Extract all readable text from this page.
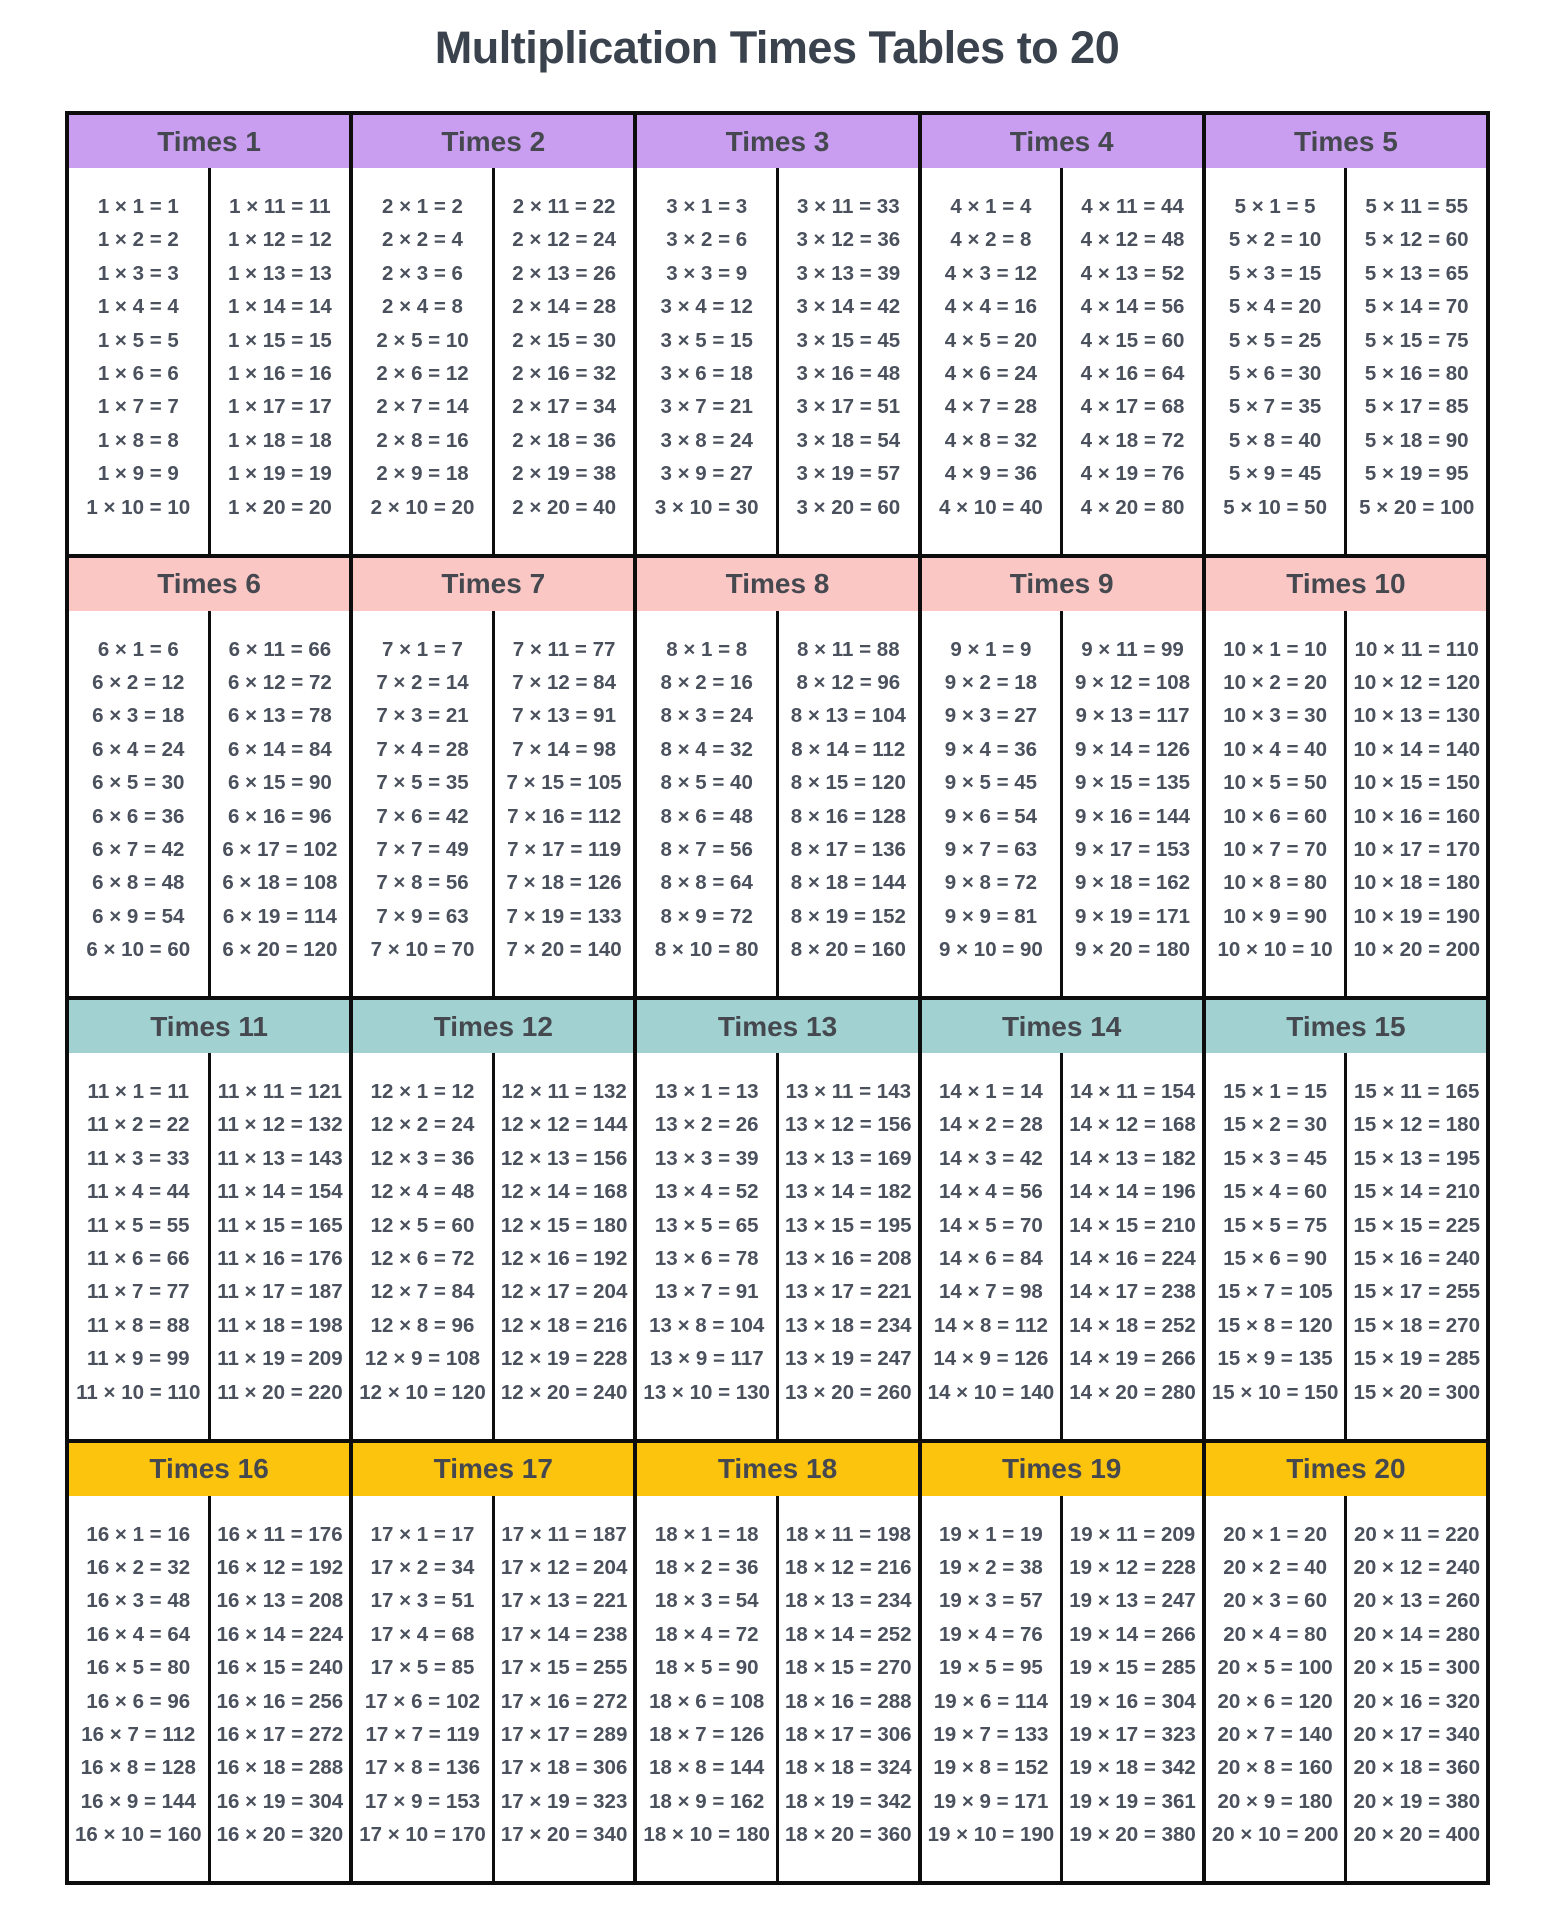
Multiplication Times Tables to 20
Times 1
1 × 1 = 1
1 × 2 = 2
1 × 3 = 3
1 × 4 = 4
1 × 5 = 5
1 × 6 = 6
1 × 7 = 7
1 × 8 = 8
1 × 9 = 9
1 × 10 = 10
1 × 11 = 11
1 × 12 = 12
1 × 13 = 13
1 × 14 = 14
1 × 15 = 15
1 × 16 = 16
1 × 17 = 17
1 × 18 = 18
1 × 19 = 19
1 × 20 = 20
Times 2
2 × 1 = 2
2 × 2 = 4
2 × 3 = 6
2 × 4 = 8
2 × 5 = 10
2 × 6 = 12
2 × 7 = 14
2 × 8 = 16
2 × 9 = 18
2 × 10 = 20
2 × 11 = 22
2 × 12 = 24
2 × 13 = 26
2 × 14 = 28
2 × 15 = 30
2 × 16 = 32
2 × 17 = 34
2 × 18 = 36
2 × 19 = 38
2 × 20 = 40
Times 3
3 × 1 = 3
3 × 2 = 6
3 × 3 = 9
3 × 4 = 12
3 × 5 = 15
3 × 6 = 18
3 × 7 = 21
3 × 8 = 24
3 × 9 = 27
3 × 10 = 30
3 × 11 = 33
3 × 12 = 36
3 × 13 = 39
3 × 14 = 42
3 × 15 = 45
3 × 16 = 48
3 × 17 = 51
3 × 18 = 54
3 × 19 = 57
3 × 20 = 60
Times 4
4 × 1 = 4
4 × 2 = 8
4 × 3 = 12
4 × 4 = 16
4 × 5 = 20
4 × 6 = 24
4 × 7 = 28
4 × 8 = 32
4 × 9 = 36
4 × 10 = 40
4 × 11 = 44
4 × 12 = 48
4 × 13 = 52
4 × 14 = 56
4 × 15 = 60
4 × 16 = 64
4 × 17 = 68
4 × 18 = 72
4 × 19 = 76
4 × 20 = 80
Times 5
5 × 1 = 5
5 × 2 = 10
5 × 3 = 15
5 × 4 = 20
5 × 5 = 25
5 × 6 = 30
5 × 7 = 35
5 × 8 = 40
5 × 9 = 45
5 × 10 = 50
5 × 11 = 55
5 × 12 = 60
5 × 13 = 65
5 × 14 = 70
5 × 15 = 75
5 × 16 = 80
5 × 17 = 85
5 × 18 = 90
5 × 19 = 95
5 × 20 = 100
Times 6
6 × 1 = 6
6 × 2 = 12
6 × 3 = 18
6 × 4 = 24
6 × 5 = 30
6 × 6 = 36
6 × 7 = 42
6 × 8 = 48
6 × 9 = 54
6 × 10 = 60
6 × 11 = 66
6 × 12 = 72
6 × 13 = 78
6 × 14 = 84
6 × 15 = 90
6 × 16 = 96
6 × 17 = 102
6 × 18 = 108
6 × 19 = 114
6 × 20 = 120
Times 7
7 × 1 = 7
7 × 2 = 14
7 × 3 = 21
7 × 4 = 28
7 × 5 = 35
7 × 6 = 42
7 × 7 = 49
7 × 8 = 56
7 × 9 = 63
7 × 10 = 70
7 × 11 = 77
7 × 12 = 84
7 × 13 = 91
7 × 14 = 98
7 × 15 = 105
7 × 16 = 112
7 × 17 = 119
7 × 18 = 126
7 × 19 = 133
7 × 20 = 140
Times 8
8 × 1 = 8
8 × 2 = 16
8 × 3 = 24
8 × 4 = 32
8 × 5 = 40
8 × 6 = 48
8 × 7 = 56
8 × 8 = 64
8 × 9 = 72
8 × 10 = 80
8 × 11 = 88
8 × 12 = 96
8 × 13 = 104
8 × 14 = 112
8 × 15 = 120
8 × 16 = 128
8 × 17 = 136
8 × 18 = 144
8 × 19 = 152
8 × 20 = 160
Times 9
9 × 1 = 9
9 × 2 = 18
9 × 3 = 27
9 × 4 = 36
9 × 5 = 45
9 × 6 = 54
9 × 7 = 63
9 × 8 = 72
9 × 9 = 81
9 × 10 = 90
9 × 11 = 99
9 × 12 = 108
9 × 13 = 117
9 × 14 = 126
9 × 15 = 135
9 × 16 = 144
9 × 17 = 153
9 × 18 = 162
9 × 19 = 171
9 × 20 = 180
Times 10
10 × 1 = 10
10 × 2 = 20
10 × 3 = 30
10 × 4 = 40
10 × 5 = 50
10 × 6 = 60
10 × 7 = 70
10 × 8 = 80
10 × 9 = 90
10 × 10 = 10
10 × 11 = 110
10 × 12 = 120
10 × 13 = 130
10 × 14 = 140
10 × 15 = 150
10 × 16 = 160
10 × 17 = 170
10 × 18 = 180
10 × 19 = 190
10 × 20 = 200
Times 11
11 × 1 = 11
11 × 2 = 22
11 × 3 = 33
11 × 4 = 44
11 × 5 = 55
11 × 6 = 66
11 × 7 = 77
11 × 8 = 88
11 × 9 = 99
11 × 10 = 110
11 × 11 = 121
11 × 12 = 132
11 × 13 = 143
11 × 14 = 154
11 × 15 = 165
11 × 16 = 176
11 × 17 = 187
11 × 18 = 198
11 × 19 = 209
11 × 20 = 220
Times 12
12 × 1 = 12
12 × 2 = 24
12 × 3 = 36
12 × 4 = 48
12 × 5 = 60
12 × 6 = 72
12 × 7 = 84
12 × 8 = 96
12 × 9 = 108
12 × 10 = 120
12 × 11 = 132
12 × 12 = 144
12 × 13 = 156
12 × 14 = 168
12 × 15 = 180
12 × 16 = 192
12 × 17 = 204
12 × 18 = 216
12 × 19 = 228
12 × 20 = 240
Times 13
13 × 1 = 13
13 × 2 = 26
13 × 3 = 39
13 × 4 = 52
13 × 5 = 65
13 × 6 = 78
13 × 7 = 91
13 × 8 = 104
13 × 9 = 117
13 × 10 = 130
13 × 11 = 143
13 × 12 = 156
13 × 13 = 169
13 × 14 = 182
13 × 15 = 195
13 × 16 = 208
13 × 17 = 221
13 × 18 = 234
13 × 19 = 247
13 × 20 = 260
Times 14
14 × 1 = 14
14 × 2 = 28
14 × 3 = 42
14 × 4 = 56
14 × 5 = 70
14 × 6 = 84
14 × 7 = 98
14 × 8 = 112
14 × 9 = 126
14 × 10 = 140
14 × 11 = 154
14 × 12 = 168
14 × 13 = 182
14 × 14 = 196
14 × 15 = 210
14 × 16 = 224
14 × 17 = 238
14 × 18 = 252
14 × 19 = 266
14 × 20 = 280
Times 15
15 × 1 = 15
15 × 2 = 30
15 × 3 = 45
15 × 4 = 60
15 × 5 = 75
15 × 6 = 90
15 × 7 = 105
15 × 8 = 120
15 × 9 = 135
15 × 10 = 150
15 × 11 = 165
15 × 12 = 180
15 × 13 = 195
15 × 14 = 210
15 × 15 = 225
15 × 16 = 240
15 × 17 = 255
15 × 18 = 270
15 × 19 = 285
15 × 20 = 300
Times 16
16 × 1 = 16
16 × 2 = 32
16 × 3 = 48
16 × 4 = 64
16 × 5 = 80
16 × 6 = 96
16 × 7 = 112
16 × 8 = 128
16 × 9 = 144
16 × 10 = 160
16 × 11 = 176
16 × 12 = 192
16 × 13 = 208
16 × 14 = 224
16 × 15 = 240
16 × 16 = 256
16 × 17 = 272
16 × 18 = 288
16 × 19 = 304
16 × 20 = 320
Times 17
17 × 1 = 17
17 × 2 = 34
17 × 3 = 51
17 × 4 = 68
17 × 5 = 85
17 × 6 = 102
17 × 7 = 119
17 × 8 = 136
17 × 9 = 153
17 × 10 = 170
17 × 11 = 187
17 × 12 = 204
17 × 13 = 221
17 × 14 = 238
17 × 15 = 255
17 × 16 = 272
17 × 17 = 289
17 × 18 = 306
17 × 19 = 323
17 × 20 = 340
Times 18
18 × 1 = 18
18 × 2 = 36
18 × 3 = 54
18 × 4 = 72
18 × 5 = 90
18 × 6 = 108
18 × 7 = 126
18 × 8 = 144
18 × 9 = 162
18 × 10 = 180
18 × 11 = 198
18 × 12 = 216
18 × 13 = 234
18 × 14 = 252
18 × 15 = 270
18 × 16 = 288
18 × 17 = 306
18 × 18 = 324
18 × 19 = 342
18 × 20 = 360
Times 19
19 × 1 = 19
19 × 2 = 38
19 × 3 = 57
19 × 4 = 76
19 × 5 = 95
19 × 6 = 114
19 × 7 = 133
19 × 8 = 152
19 × 9 = 171
19 × 10 = 190
19 × 11 = 209
19 × 12 = 228
19 × 13 = 247
19 × 14 = 266
19 × 15 = 285
19 × 16 = 304
19 × 17 = 323
19 × 18 = 342
19 × 19 = 361
19 × 20 = 380
Times 20
20 × 1 = 20
20 × 2 = 40
20 × 3 = 60
20 × 4 = 80
20 × 5 = 100
20 × 6 = 120
20 × 7 = 140
20 × 8 = 160
20 × 9 = 180
20 × 10 = 200
20 × 11 = 220
20 × 12 = 240
20 × 13 = 260
20 × 14 = 280
20 × 15 = 300
20 × 16 = 320
20 × 17 = 340
20 × 18 = 360
20 × 19 = 380
20 × 20 = 400
